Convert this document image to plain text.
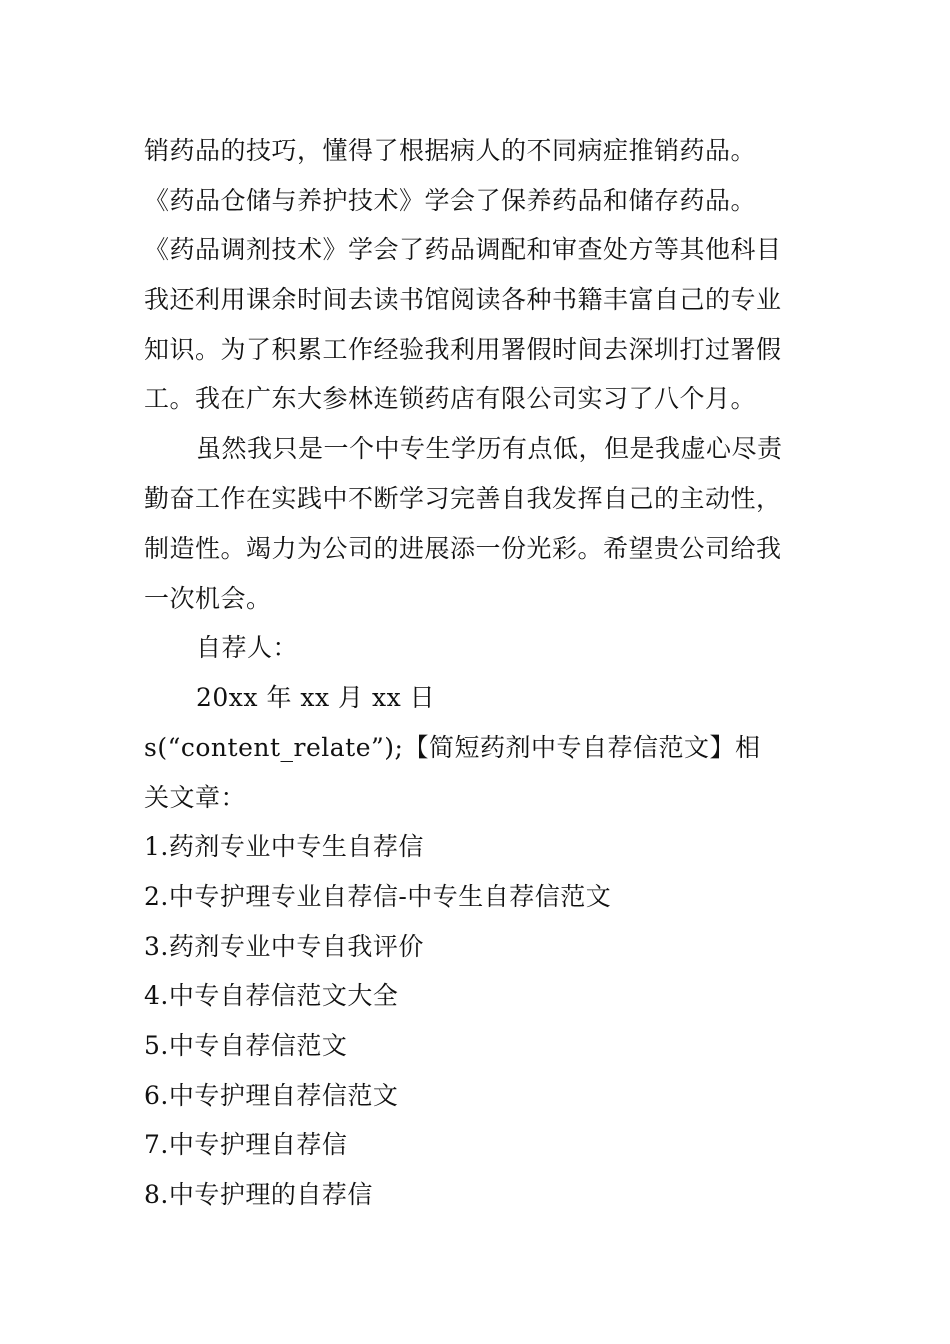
销药品的技巧，懂得了根据病人的不同病症推销药品。
《药品仓储与养护技术》学会了保养药品和储存药品。
《药品调剂技术》学会了药品调配和审查处方等其他科目
我还利用课余时间去读书馆阅读各种书籍丰富自己的专业
知识。为了积累工作经验我利用署假时间去深圳打过署假
工。我在广东大参林连锁药店有限公司实习了八个月。
虽然我只是一个中专生学历有点低，但是我虚心尽责
勤奋工作在实践中不断学习完善自我发挥自己的主动性，
制造性。竭力为公司的进展添一份光彩。希望贵公司给我
一次机会。
自荐人：
20xx 年 xx 月 xx 日
s(“content_relate”);【简短药剂中专自荐信范文】相
关文章：
1.药剂专业中专生自荐信
2.中专护理专业自荐信-中专生自荐信范文
3.药剂专业中专自我评价
4.中专自荐信范文大全
5.中专自荐信范文
6.中专护理自荐信范文
7.中专护理自荐信
8.中专护理的自荐信
